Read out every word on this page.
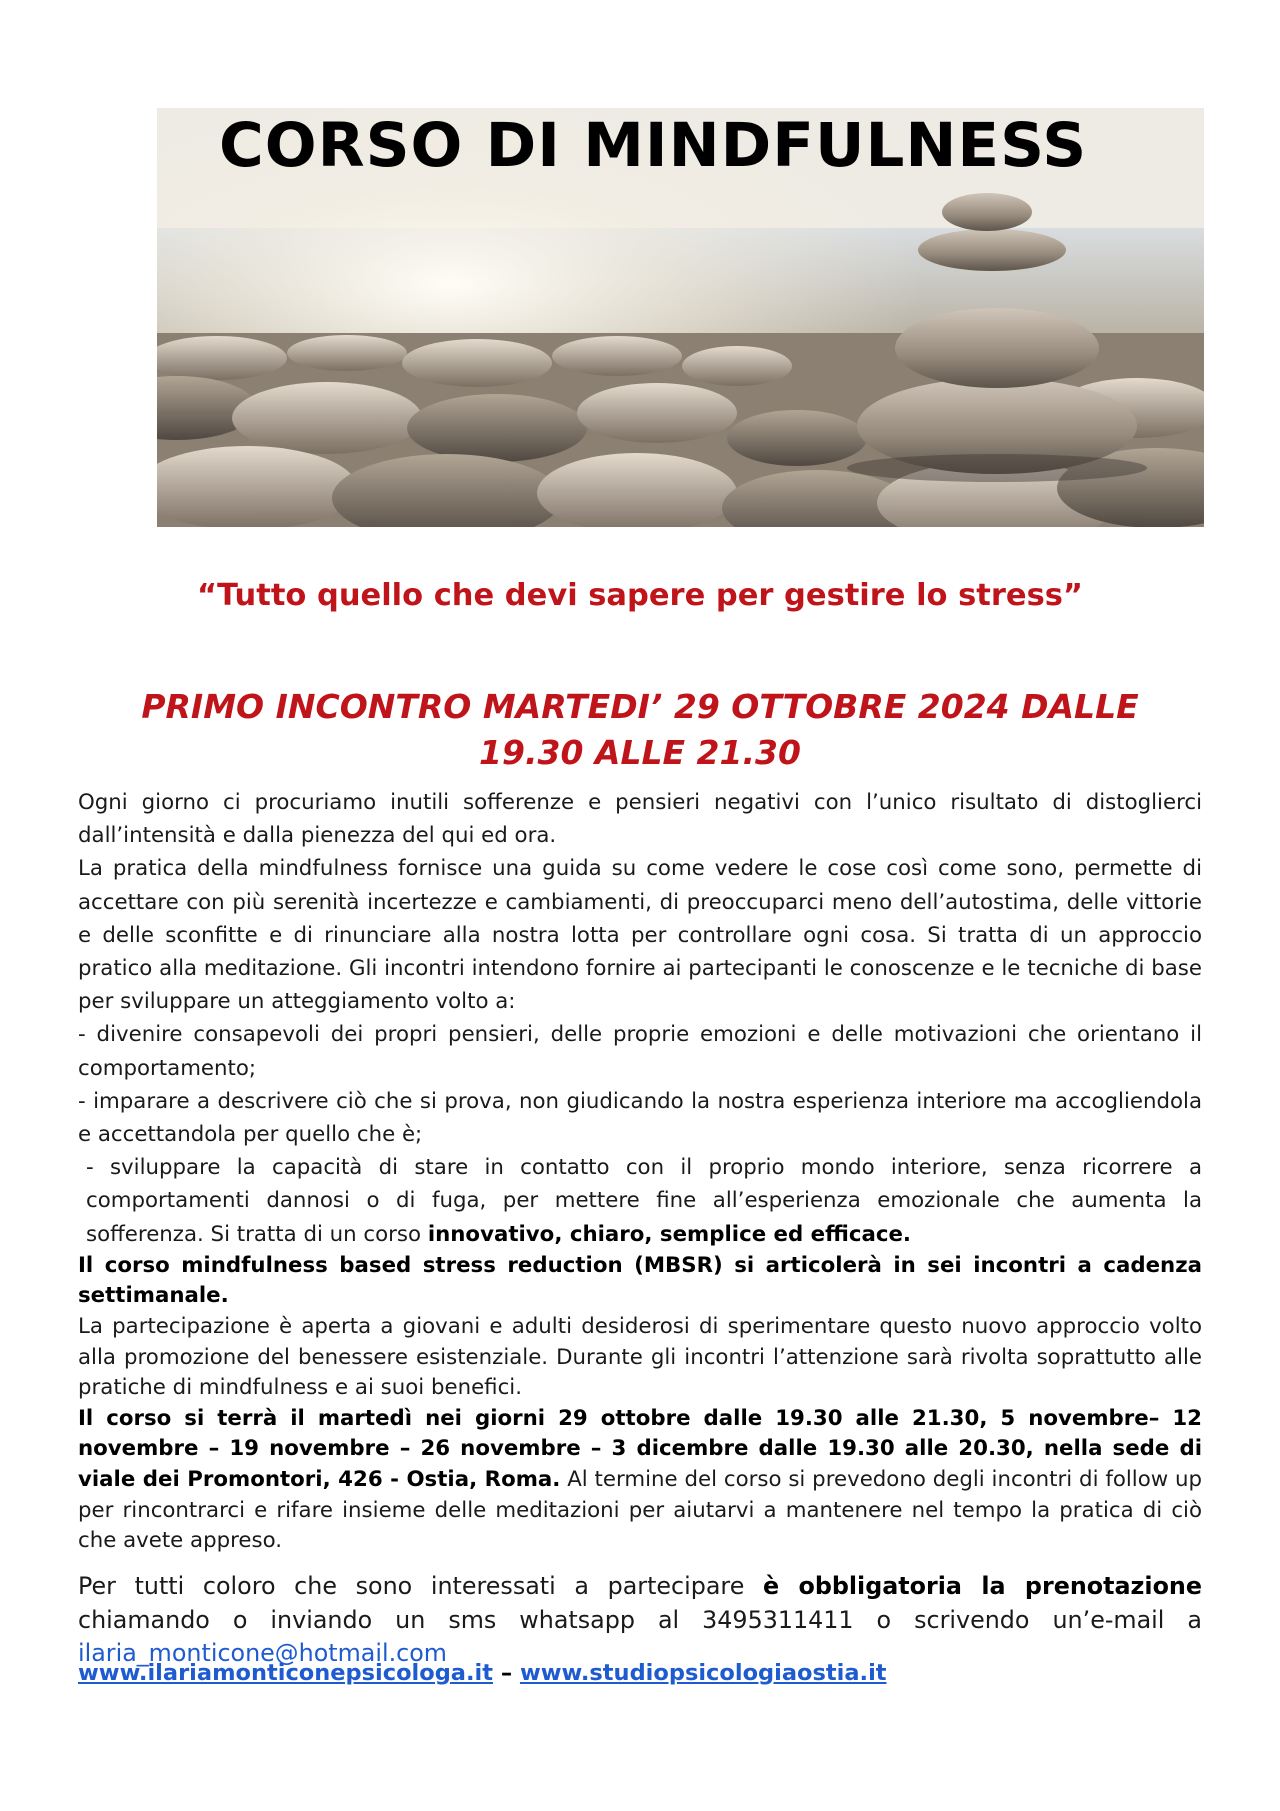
CORSO DI MINDFULNESS

“Tutto quello che devi sapere per gestire lo stress”

PRIMO INCONTRO MARTEDI’ 29 OTTOBRE 2024 DALLE
19.30 ALLE 21.30

Ogni giorno ci procuriamo inutili sofferenze e pensieri negativi con l’unico risultato di distoglierci dall’intensità e dalla pienezza del qui ed ora.

La pratica della mindfulness fornisce una guida su come vedere le cose così come sono, permette di accettare con più serenità incertezze e cambiamenti, di preoccuparci meno dell’autostima, delle vittorie e delle sconfitte e di rinunciare alla nostra lotta per controllare ogni cosa. Si tratta di un approccio pratico alla meditazione. Gli incontri intendono fornire ai partecipanti le conoscenze e le tecniche di base per sviluppare un atteggiamento volto a:

- divenire consapevoli dei propri pensieri, delle proprie emozioni e delle motivazioni che orientano il comportamento;

- imparare a descrivere ciò che si prova, non giudicando la nostra esperienza interiore ma accogliendola e accettandola per quello che è;

- sviluppare la capacità di stare in contatto con il proprio mondo interiore, senza ricorrere a comportamenti dannosi o di fuga, per mettere fine all’esperienza emozionale che aumenta la sofferenza. Si tratta di un corso innovativo, chiaro, semplice ed efficace.

Il corso mindfulness based stress reduction (MBSR) si articolerà in sei incontri a cadenza settimanale.

La partecipazione è aperta a giovani e adulti desiderosi di sperimentare questo nuovo approccio volto alla promozione del benessere esistenziale. Durante gli incontri l’attenzione sarà rivolta soprattutto alle pratiche di mindfulness e ai suoi benefici.

Il corso si terrà il martedì nei giorni 29 ottobre dalle 19.30 alle 21.30, 5 novembre– 12 novembre – 19 novembre – 26 novembre – 3 dicembre dalle 19.30 alle 20.30, nella sede di viale dei Promontori, 426 - Ostia, Roma. Al termine del corso si prevedono degli incontri di follow up per rincontrarci e rifare insieme delle meditazioni per aiutarvi a mantenere nel tempo la pratica di ciò che avete appreso.

Per tutti coloro che sono interessati a partecipare è obbligatoria la prenotazione chiamando o inviando un sms whatsapp al 3495311411 o scrivendo un’e-mail a ilaria_monticone@hotmail.com

www.ilariamonticonepsicologa.it – www.studiopsicologiaostia.it
